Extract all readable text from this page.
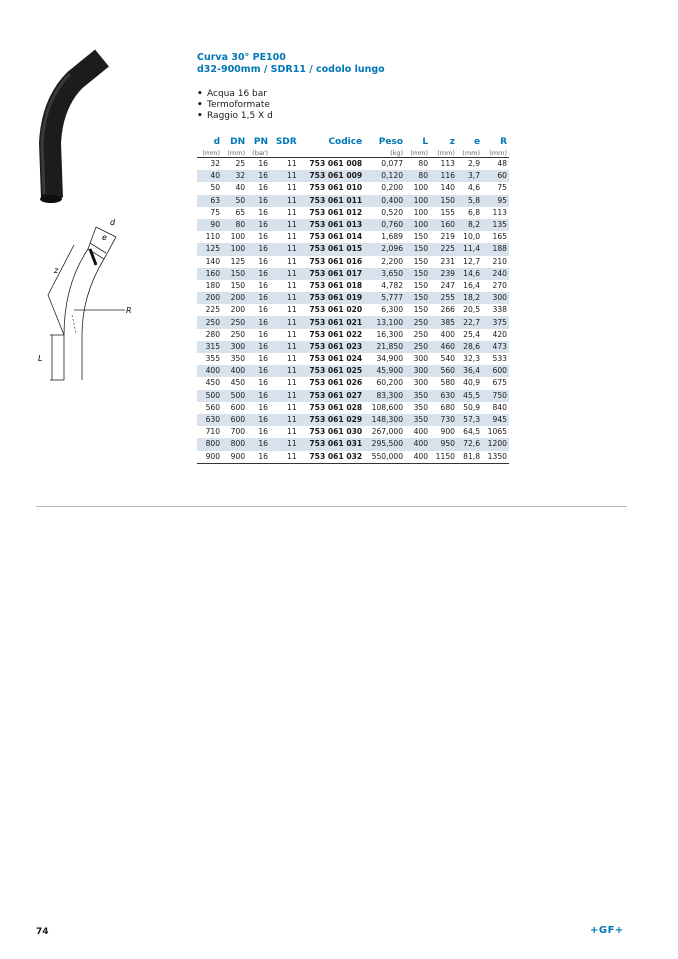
d
e
z
R
L
Curva 30° PE100
d32-900mm / SDR11 / codolo lungo
• Acqua 16 bar
• Termoformate
• Raggio 1,5 X d
d	DN	PN	SDR	Codice	Peso	L	z	e	R
(mm)	(mm)	(bar)			(kg)	(mm)	(mm)	(mm)	(mm)
32	25	16	11	753 061 008	0,077	80	113	2,9	48
40	32	16	11	753 061 009	0,120	80	116	3,7	60
50	40	16	11	753 061 010	0,200	100	140	4,6	75
63	50	16	11	753 061 011	0,400	100	150	5,8	95
75	65	16	11	753 061 012	0,520	100	155	6,8	113
90	80	16	11	753 061 013	0,760	100	160	8,2	135
110	100	16	11	753 061 014	1,689	150	219	10,0	165
125	100	16	11	753 061 015	2,096	150	225	11,4	188
140	125	16	11	753 061 016	2,200	150	231	12,7	210
160	150	16	11	753 061 017	3,650	150	239	14,6	240
180	150	16	11	753 061 018	4,782	150	247	16,4	270
200	200	16	11	753 061 019	5,777	150	255	18,2	300
225	200	16	11	753 061 020	6,300	150	266	20,5	338
250	250	16	11	753 061 021	13,100	250	385	22,7	375
280	250	16	11	753 061 022	16,300	250	400	25,4	420
315	300	16	11	753 061 023	21,850	250	460	28,6	473
355	350	16	11	753 061 024	34,900	300	540	32,3	533
400	400	16	11	753 061 025	45,900	300	560	36,4	600
450	450	16	11	753 061 026	60,200	300	580	40,9	675
500	500	16	11	753 061 027	83,300	350	630	45,5	750
560	600	16	11	753 061 028	108,600	350	680	50,9	840
630	600	16	11	753 061 029	148,300	350	730	57,3	945
710	700	16	11	753 061 030	267,000	400	900	64,5	1065
800	800	16	11	753 061 031	295,500	400	950	72,6	1200
900	900	16	11	753 061 032	550,000	400	1150	81,8	1350
74	+GF+
